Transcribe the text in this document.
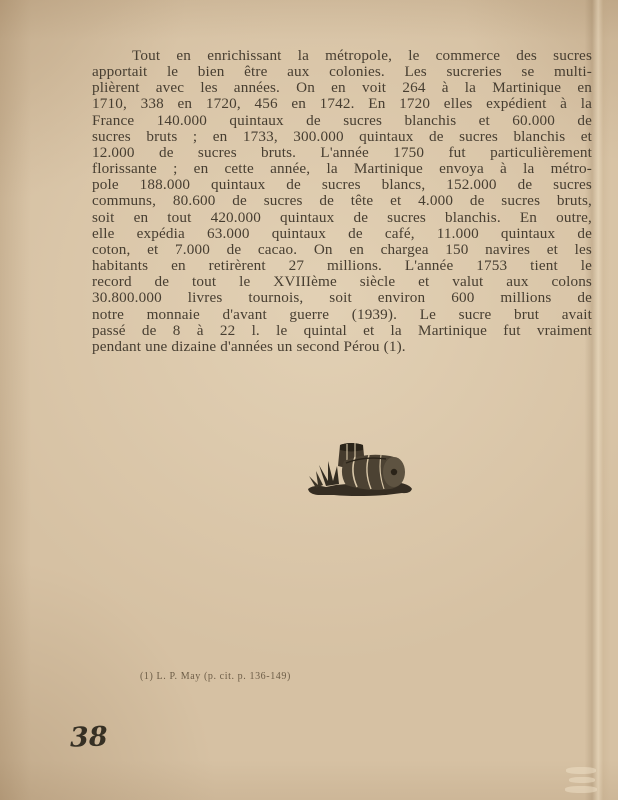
Tout en enrichissant la métropole, le commerce des sucres
apportait le bien être aux colonies. Les sucreries se multi-
plièrent avec les années. On en voit 264 à la Martinique en
1710, 338 en 1720, 456 en 1742. En 1720 elles expédient à la
France 140.000 quintaux de sucres blanchis et 60.000 de
sucres bruts ; en 1733, 300.000 quintaux de sucres blanchis et
12.000 de sucres bruts. L'année 1750 fut particulièrement
florissante ; en cette année, la Martinique envoya à la métro-
pole 188.000 quintaux de sucres blancs, 152.000 de sucres
communs, 80.600 de sucres de tête et 4.000 de sucres bruts,
soit en tout 420.000 quintaux de sucres blanchis. En outre,
elle expédia 63.000 quintaux de café, 11.000 quintaux de
coton, et 7.000 de cacao. On en chargea 150 navires et les
habitants en retirèrent 27 millions. L'année 1753 tient le
record de tout le XVIIIème siècle et valut aux colons
30.800.000 livres tournois, soit environ 600 millions de
notre monnaie d'avant guerre (1939). Le sucre brut avait
passé de 8 à 22 l. le quintal et la Martinique fut vraiment
pendant une dizaine d'années un second Pérou (1).
(1) L. P. May (p. cit. p. 136-149)
38
